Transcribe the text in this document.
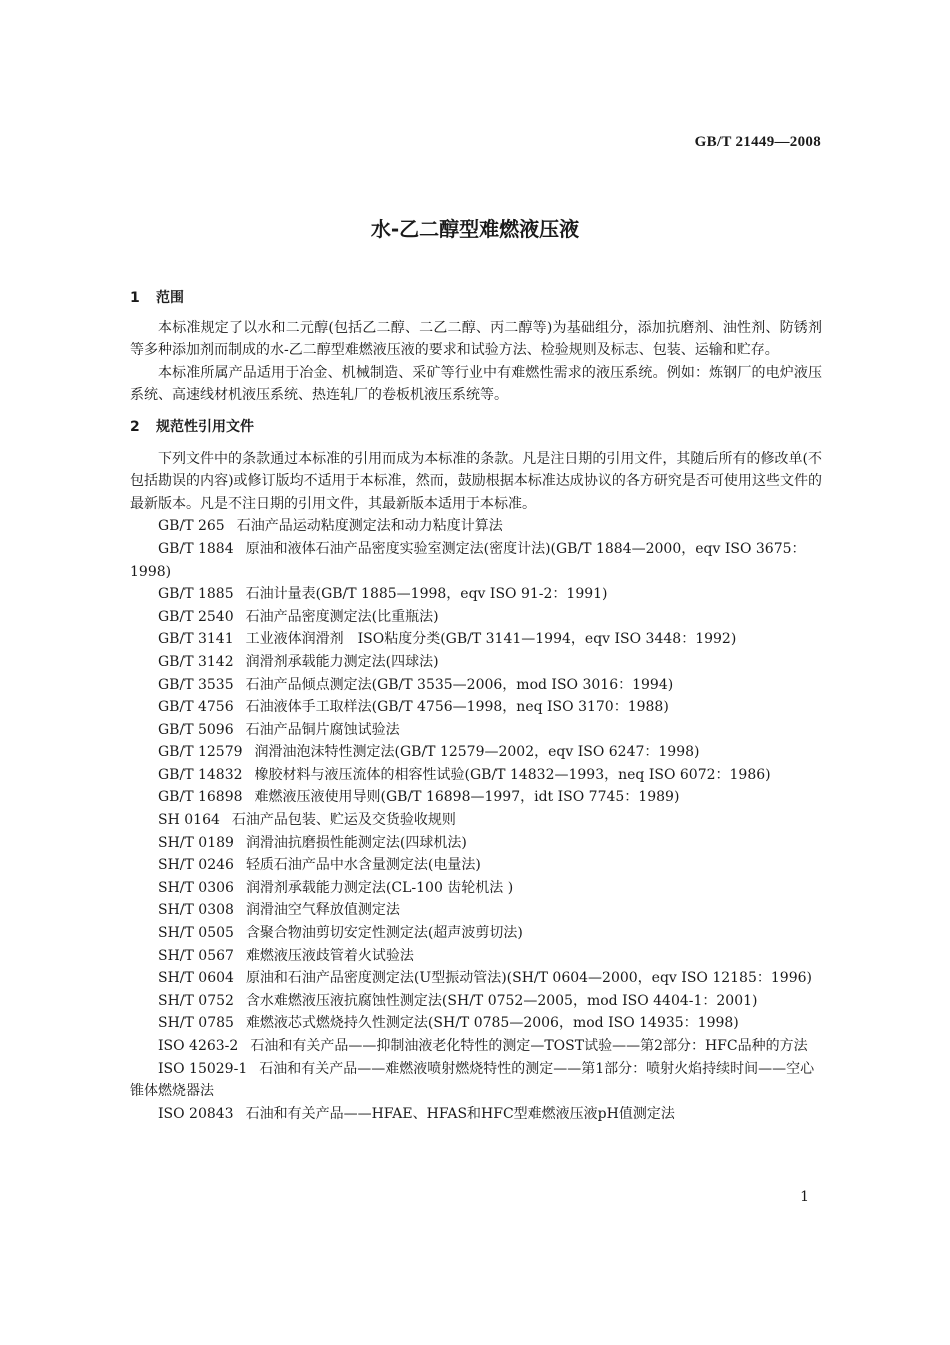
GB/T 21449—2008
水-乙二醇型难燃液压液
1 范围

本标准规定了以水和二元醇(包括乙二醇、二乙二醇、丙二醇等)为基础组分，添加抗磨剂、油性剂、防锈剂等多种添加剂而制成的水-乙二醇型难燃液压液的要求和试验方法、检验规则及标志、包装、运输和贮存。

本标准所属产品适用于冶金、机械制造、采矿等行业中有难燃性需求的液压系统。例如：炼钢厂的电炉液压系统、高速线材机液压系统、热连轧厂的卷板机液压系统等。

2 规范性引用文件

下列文件中的条款通过本标准的引用而成为本标准的条款。凡是注日期的引用文件，其随后所有的修改单(不包括勘误的内容)或修订版均不适用于本标准，然而，鼓励根据本标准达成协议的各方研究是否可使用这些文件的最新版本。凡是不注日期的引用文件，其最新版本适用于本标准。

GB/T 265 石油产品运动粘度测定法和动力粘度计算法

GB/T 1884 原油和液体石油产品密度实验室测定法(密度计法)(GB/T 1884—2000，eqv ISO 3675：1998)

GB/T 1885 石油计量表(GB/T 1885—1998，eqv ISO 91-2：1991)

GB/T 2540 石油产品密度测定法(比重瓶法)

GB/T 3141 工业液体润滑剂　ISO粘度分类(GB/T 3141—1994，eqv ISO 3448：1992)

GB/T 3142 润滑剂承载能力测定法(四球法)

GB/T 3535 石油产品倾点测定法(GB/T 3535—2006，mod ISO 3016：1994)

GB/T 4756 石油液体手工取样法(GB/T 4756—1998，neq ISO 3170：1988)

GB/T 5096 石油产品铜片腐蚀试验法

GB/T 12579 润滑油泡沫特性测定法(GB/T 12579—2002，eqv ISO 6247：1998)

GB/T 14832 橡胶材料与液压流体的相容性试验(GB/T 14832—1993，neq ISO 6072：1986)

GB/T 16898 难燃液压液使用导则(GB/T 16898—1997，idt ISO 7745：1989)

SH 0164 石油产品包装、贮运及交货验收规则

SH/T 0189 润滑油抗磨损性能测定法(四球机法)

SH/T 0246 轻质石油产品中水含量测定法(电量法)

SH/T 0306 润滑剂承载能力测定法(CL-100 齿轮机法 )

SH/T 0308 润滑油空气释放值测定法

SH/T 0505 含聚合物油剪切安定性测定法(超声波剪切法)

SH/T 0567 难燃液压液歧管着火试验法

SH/T 0604 原油和石油产品密度测定法(U型振动管法)(SH/T 0604—2000，eqv ISO 12185：1996)

SH/T 0752 含水难燃液压液抗腐蚀性测定法(SH/T 0752—2005，mod ISO 4404-1：2001)

SH/T 0785 难燃液芯式燃烧持久性测定法(SH/T 0785—2006，mod ISO 14935：1998)

ISO 4263-2 石油和有关产品——抑制油液老化特性的测定—TOST试验——第2部分：HFC品种的方法

ISO 15029-1 石油和有关产品——难燃液喷射燃烧特性的测定——第1部分：喷射火焰持续时间——空心锥体燃烧器法

ISO 20843 石油和有关产品——HFAE、HFAS和HFC型难燃液压液pH值测定法

1
